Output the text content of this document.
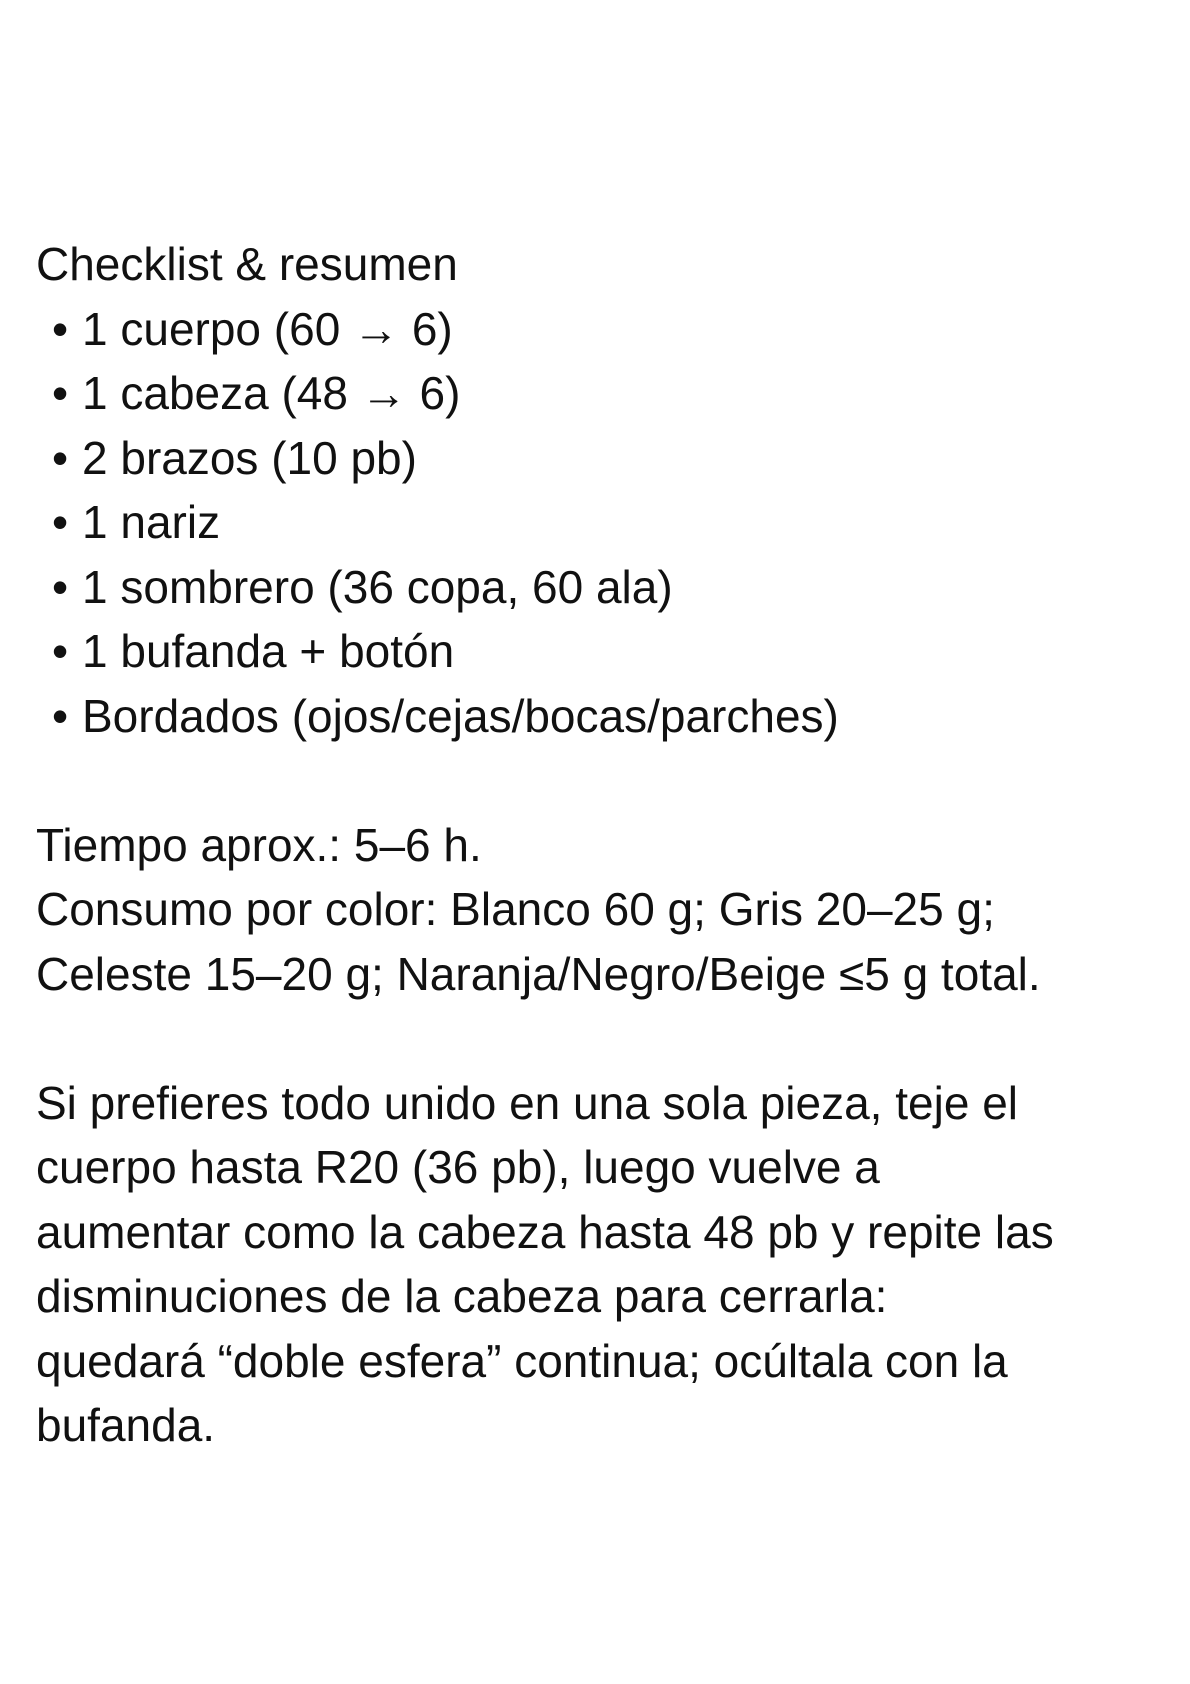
Checklist & resumen

• 1 cuerpo (60 → 6)
• 1 cabeza (48 → 6)
• 2 brazos (10 pb)
• 1 nariz
• 1 sombrero (36 copa, 60 ala)
• 1 bufanda + botón
• Bordados (ojos/cejas/bocas/parches)

Tiempo aprox.: 5–6 h.

Consumo por color: Blanco 60 g; Gris 20–25 g;

Celeste 15–20 g; Naranja/Negro/Beige ≤5 g total.

Si prefieres todo unido en una sola pieza, teje el

cuerpo hasta R20 (36 pb), luego vuelve a

aumentar como la cabeza hasta 48 pb y repite las

disminuciones de la cabeza para cerrarla:

quedará “doble esfera” continua; ocúltala con la

bufanda.
